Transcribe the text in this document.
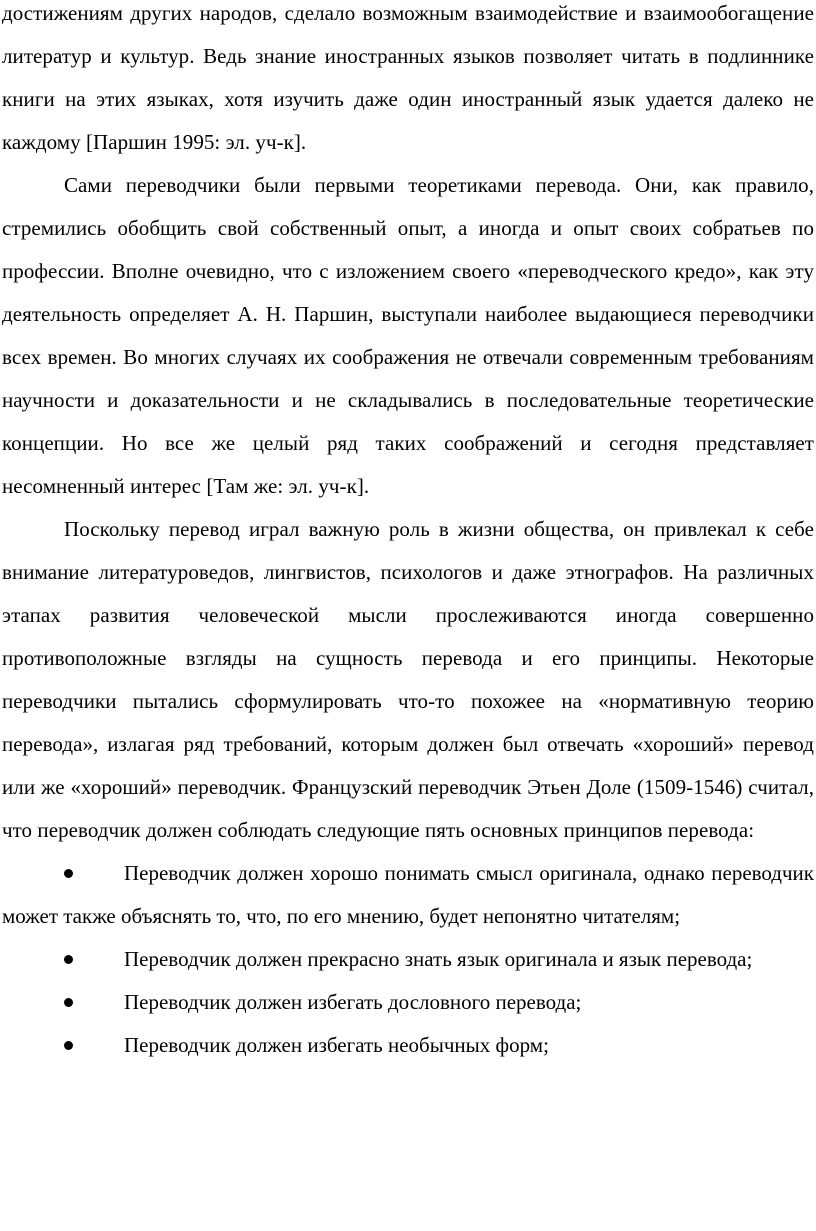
достижениям других народов, сделало возможным взаимодействие и взаимообогащение литератур и культур. Ведь знание иностранных языков позволяет читать в подлиннике книги на этих языках, хотя изучить даже один иностранный язык удается далеко не каждому [Паршин 1995: эл. уч-к].

Сами переводчики были первыми теоретиками перевода. Они, как правило, стремились обобщить свой собственный опыт, а иногда и опыт своих собратьев по профессии. Вполне очевидно, что с изложением своего «переводческого кредо», как эту деятельность определяет А. Н. Паршин, выступали наиболее выдающиеся переводчики всех времен. Во многих случаях их соображения не отвечали современным требованиям научности и доказательности и не складывались в последовательные теоретические концепции. Но все же целый ряд таких соображений и сегодня представляет несомненный интерес [Там же: эл. уч-к].

Поскольку перевод играл важную роль в жизни общества, он привлекал к себе внимание литературоведов, лингвистов, психологов и даже этнографов. На различных этапах развития человеческой мысли прослеживаются иногда совершенно противоположные взгляды на сущность перевода и его принципы. Некоторые переводчики пытались сформулировать что-то похожее на «нормативную теорию перевода», излагая ряд требований, которым должен был отвечать «хороший» перевод или же «хороший» переводчик. Французский переводчик Этьен Доле (1509-1546) считал, что переводчик должен соблюдать следующие пять основных принципов перевода:

Переводчик должен хорошо понимать смысл оригинала, однако переводчик может также объяснять то, что, по его мнению, будет непонятно читателям;
Переводчик должен прекрасно знать язык оригинала и язык перевода;
Переводчик должен избегать дословного перевода;
Переводчик должен избегать необычных форм;
